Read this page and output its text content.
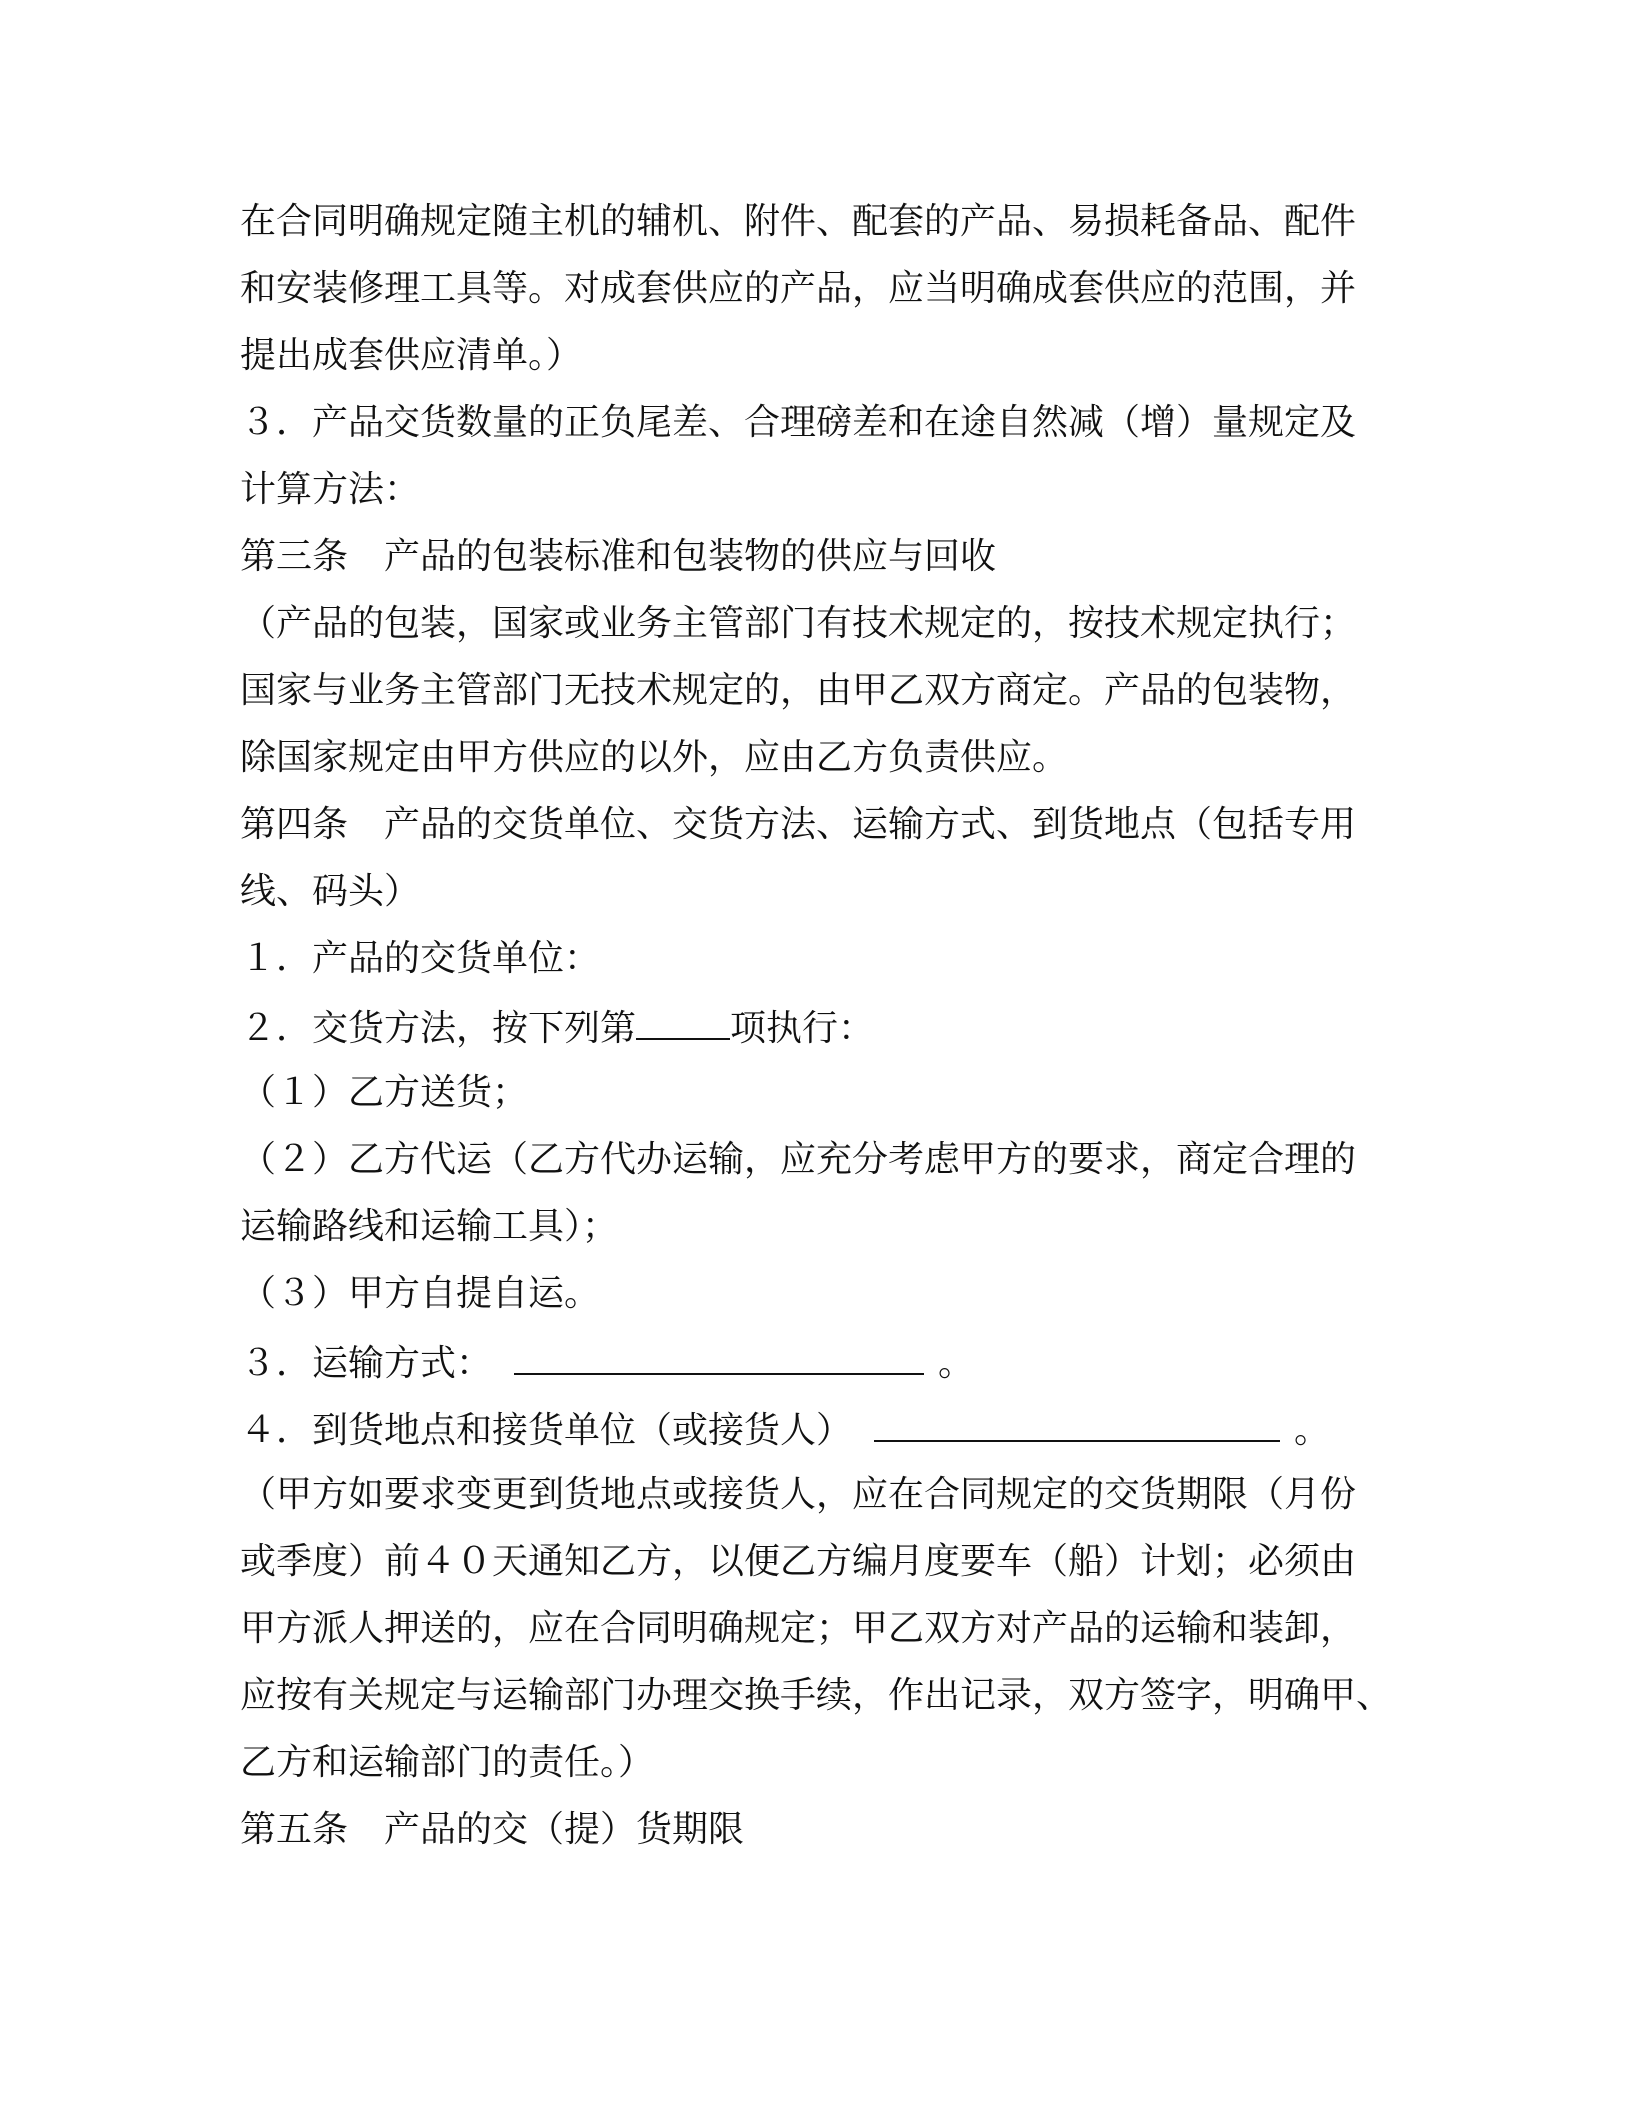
在合同明确规定随主机的辅机、附件、配套的产品、易损耗备品、配件
和安装修理工具等。对成套供应的产品，应当明确成套供应的范围，并
提出成套供应清单。）
３．产品交货数量的正负尾差、合理磅差和在途自然减（增）量规定及
计算方法：
第三条　产品的包装标准和包装物的供应与回收
（产品的包装，国家或业务主管部门有技术规定的，按技术规定执行；
国家与业务主管部门无技术规定的，由甲乙双方商定。产品的包装物，
除国家规定由甲方供应的以外，应由乙方负责供应。
第四条　产品的交货单位、交货方法、运输方式、到货地点（包括专用
线、码头）
１．产品的交货单位：
２．交货方法，按下列第	项执行：
（１）乙方送货；
（２）乙方代运（乙方代办运输，应充分考虑甲方的要求，商定合理的
运输路线和运输工具）；
（３）甲方自提自运。
３．运输方式：	。
４．到货地点和接货单位（或接货人）	。
（甲方如要求变更到货地点或接货人，应在合同规定的交货期限（月份
或季度）前４０天通知乙方，以便乙方编月度要车（船）计划；必须由
甲方派人押送的，应在合同明确规定；甲乙双方对产品的运输和装卸，
应按有关规定与运输部门办理交换手续，作出记录，双方签字，明确甲、
乙方和运输部门的责任。）
第五条　产品的交（提）货期限
